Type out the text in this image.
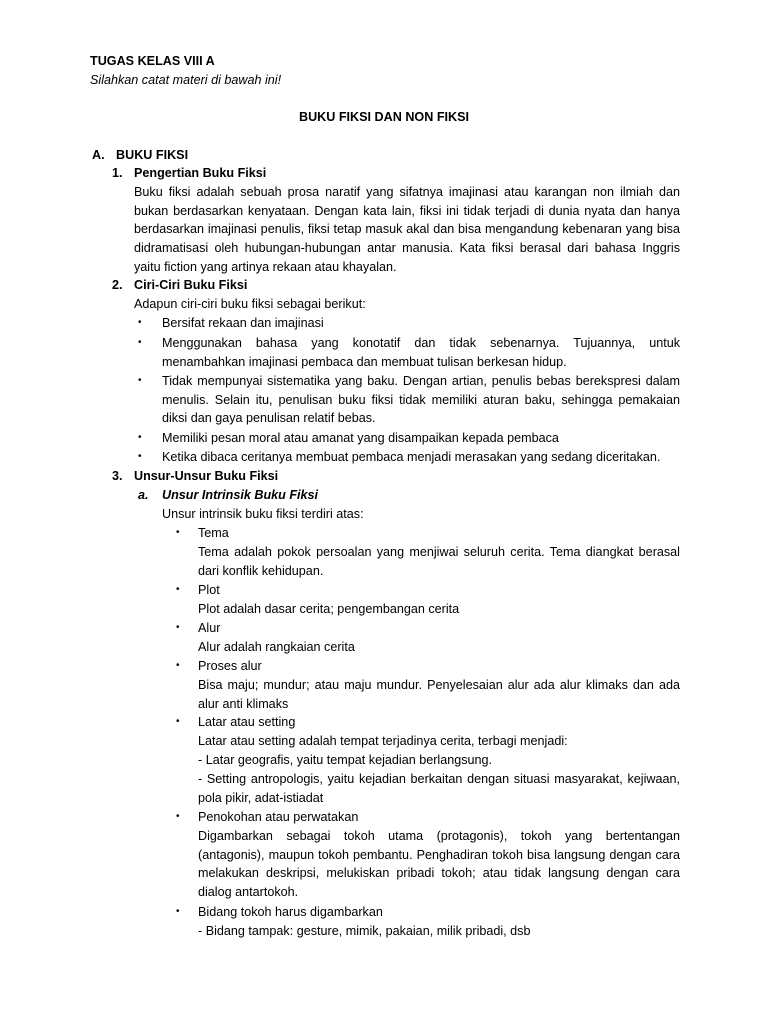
TUGAS KELAS VIII A
Silahkan catat materi di bawah ini!
BUKU FIKSI DAN NON FIKSI
A. BUKU FIKSI
1. Pengertian Buku Fiksi
Buku fiksi adalah sebuah prosa naratif yang sifatnya imajinasi atau karangan non ilmiah dan bukan berdasarkan kenyataan. Dengan kata lain, fiksi ini tidak terjadi di dunia nyata dan hanya berdasarkan imajinasi penulis, fiksi tetap masuk akal dan bisa mengandung kebenaran yang bisa didramatisasi oleh hubungan-hubungan antar manusia. Kata fiksi berasal dari bahasa Inggris yaitu fiction yang artinya rekaan atau khayalan.
2. Ciri-Ciri Buku Fiksi
Adapun ciri-ciri buku fiksi sebagai berikut:
• Bersifat rekaan dan imajinasi
• Menggunakan bahasa yang konotatif dan tidak sebenarnya. Tujuannya, untuk menambahkan imajinasi pembaca dan membuat tulisan berkesan hidup.
• Tidak mempunyai sistematika yang baku. Dengan artian, penulis bebas berekspresi dalam menulis. Selain itu, penulisan buku fiksi tidak memiliki aturan baku, sehingga pemakaian diksi dan gaya penulisan relatif bebas.
• Memiliki pesan moral atau amanat yang disampaikan kepada pembaca
• Ketika dibaca ceritanya membuat pembaca menjadi merasakan yang sedang diceritakan.
3. Unsur-Unsur Buku Fiksi
a. Unsur Intrinsik Buku Fiksi
Unsur intrinsik buku fiksi terdiri atas:
• Tema
Tema adalah pokok persoalan yang menjiwai seluruh cerita. Tema diangkat berasal dari konflik kehidupan.
• Plot
Plot adalah dasar cerita; pengembangan cerita
• Alur
Alur adalah rangkaian cerita
• Proses alur
Bisa maju; mundur; atau maju mundur. Penyelesaian alur ada alur klimaks dan ada alur anti klimaks
• Latar atau setting
Latar atau setting adalah tempat terjadinya cerita, terbagi menjadi:
- Latar geografis, yaitu tempat kejadian berlangsung.
- Setting antropologis, yaitu kejadian berkaitan dengan situasi masyarakat, kejiwaan, pola pikir, adat-istiadat
• Penokohan atau perwatakan
Digambarkan sebagai tokoh utama (protagonis), tokoh yang bertentangan (antagonis), maupun tokoh pembantu. Penghadiran tokoh bisa langsung dengan cara melakukan deskripsi, melukiskan pribadi tokoh; atau tidak langsung dengan cara dialog antartokoh.
• Bidang tokoh harus digambarkan
- Bidang tampak: gesture, mimik, pakaian, milik pribadi, dsb
